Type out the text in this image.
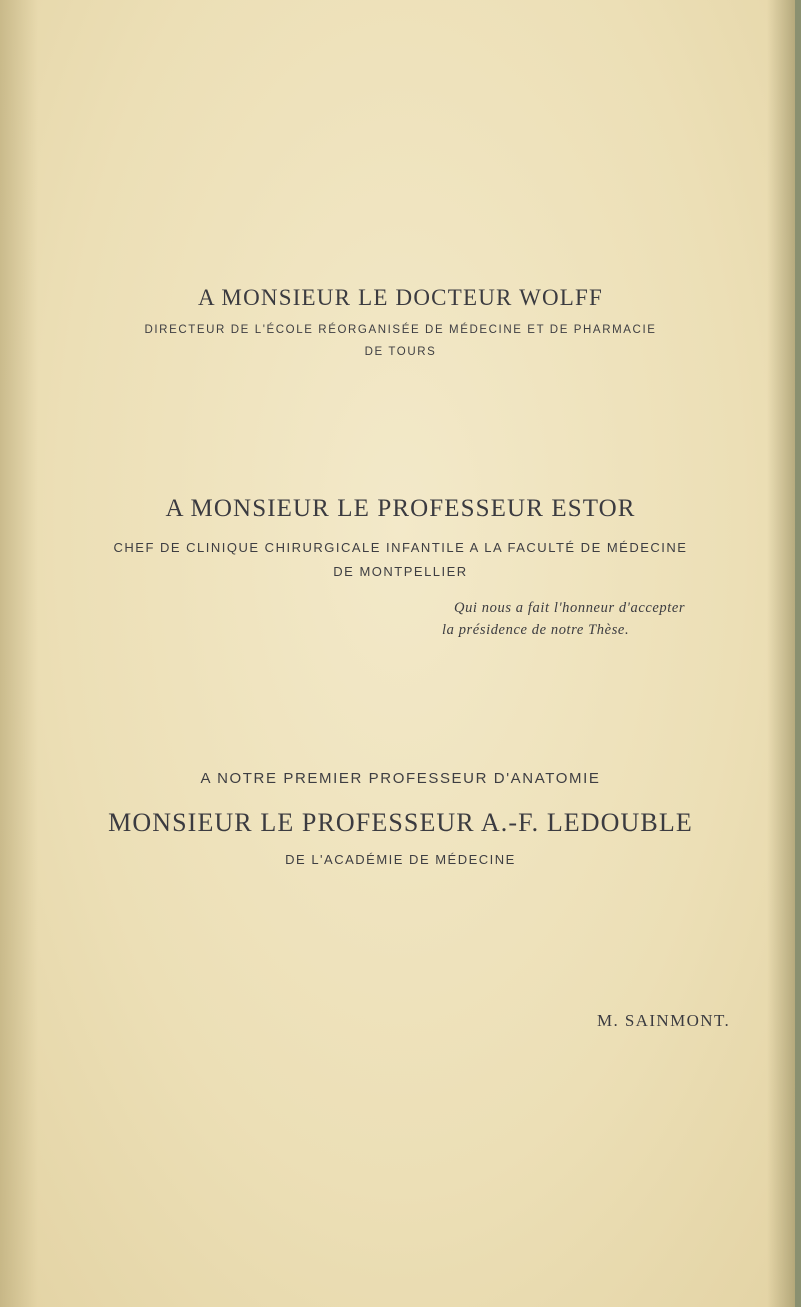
A MONSIEUR LE DOCTEUR WOLFF
DIRECTEUR DE L'ÉCOLE RÉORGANISÉE DE MÉDECINE ET DE PHARMACIE
DE TOURS
A MONSIEUR LE PROFESSEUR ESTOR
CHEF DE CLINIQUE CHIRURGICALE INFANTILE A LA FACULTÉ DE MÉDECINE
DE MONTPELLIER
Qui nous a fait l'honneur d'accepter
la présidence de notre Thèse.
A NOTRE PREMIER PROFESSEUR D'ANATOMIE
MONSIEUR LE PROFESSEUR A.-F. LEDOUBLE
DE L'ACADÉMIE DE MÉDECINE
M. SAINMONT.
